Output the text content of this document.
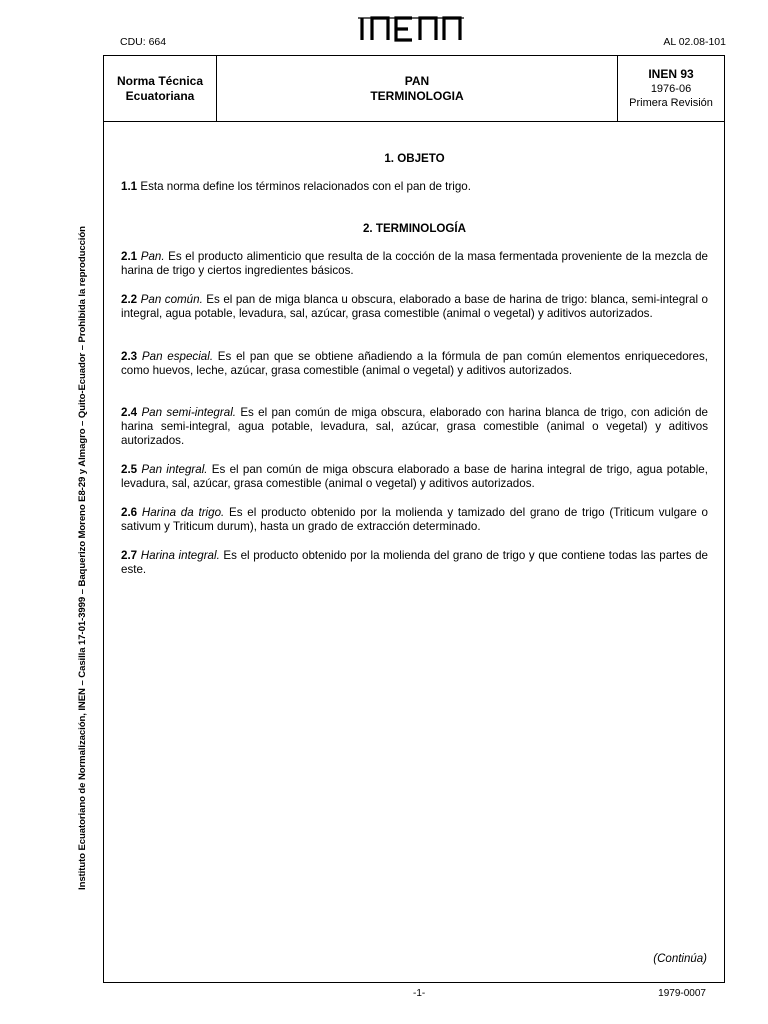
CDU: 664	AL 02.08-101
Instituto Ecuatoriano de Normalización, INEN – Casilla 17-01-3999 – Baquerizo Moreno E8-29 y Almagro – Quito-Ecuador – Prohibida la reproducción
Norma Técnica
Ecuatoriana
PAN
TERMINOLOGIA
INEN 93
1976-06
Primera Revisión

1. OBJETO

1.1 Esta norma define los términos relacionados con el pan de trigo.

2. TERMINOLOGÍA

2.1 Pan. Es el producto alimenticio que resulta de la cocción de la masa fermentada proveniente de la mezcla de harina de trigo y ciertos ingredientes básicos.

2.2 Pan común. Es el pan de miga blanca u obscura, elaborado a base de harina de trigo: blanca, semi-integral o integral, agua potable, levadura, sal, azúcar, grasa comestible (animal o vegetal) y aditivos autorizados.

2.3 Pan especial. Es el pan que se obtiene añadiendo a la fórmula de pan común elementos enriquecedores, como huevos, leche, azúcar, grasa comestible (animal o vegetal) y aditivos autorizados.

2.4 Pan semi-integral. Es el pan común de miga obscura, elaborado con harina blanca de trigo, con adición de harina semi-integral, agua potable, levadura, sal, azúcar, grasa comestible (animal o vegetal) y aditivos autorizados.

2.5 Pan integral. Es el pan común de miga obscura elaborado a base de harina integral de trigo, agua potable, levadura, sal, azúcar, grasa comestible (animal o vegetal) y aditivos autorizados.

2.6 Harina da trigo. Es el producto obtenido por la molienda y tamizado del grano de trigo (Triticum vulgare o sativum y Triticum durum), hasta un grado de extracción determinado.

2.7 Harina integral. Es el producto obtenido por la molienda del grano de trigo y que contiene todas las partes de este.

(Continúa)
-1-	1979-0007
